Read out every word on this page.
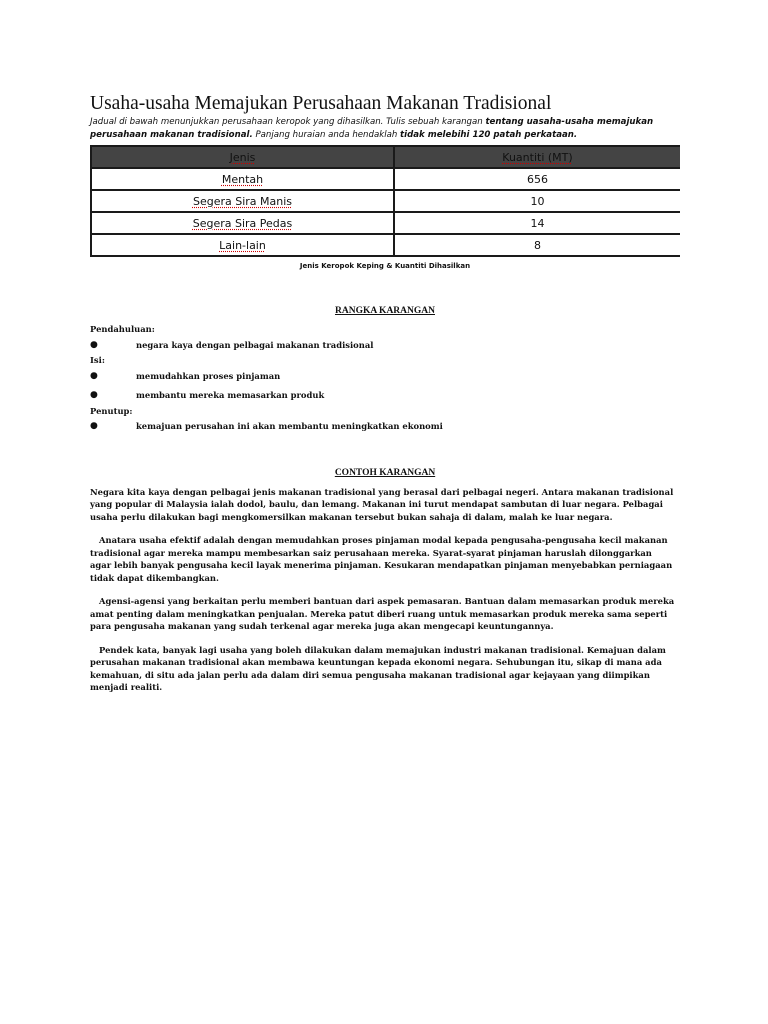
Usaha-usaha Memajukan Perusahaan Makanan Tradisional

Jadual di bawah menunjukkan perusahaan keropok yang dihasilkan. Tulis sebuah karangan tentang uasaha-usaha memajukan perusahaan makanan tradisional. Panjang huraian anda hendaklah tidak melebihi 120 patah perkataan.

Jenis	Kuantiti (MT)
Mentah	656
Segera Sira Manis	10
Segera Sira Pedas	14
Lain-lain	8
Jenis Keropok Keping & Kuantiti Dihasilkan
RANGKA KARANGAN
Pendahuluan:
●	negara kaya dengan pelbagai makanan tradisional
Isi:
●	memudahkan proses pinjaman
●	membantu mereka memasarkan produk
Penutup:
●	kemajuan perusahan ini akan membantu meningkatkan ekonomi
CONTOH KARANGAN

Negara kita kaya dengan pelbagai jenis makanan tradisional yang berasal dari pelbagai negeri. Antara makanan tradisional yang popular di Malaysia ialah dodol, baulu, dan lemang. Makanan ini turut mendapat sambutan di luar negara. Pelbagai usaha perlu dilakukan bagi mengkomersilkan makanan tersebut bukan sahaja di dalam, malah ke luar negara.

Anatara usaha efektif adalah dengan memudahkan proses pinjaman modal kepada pengusaha-pengusaha kecil makanan tradisional agar mereka mampu membesarkan saiz perusahaan mereka. Syarat-syarat pinjaman haruslah dilonggarkan agar lebih banyak pengusaha kecil layak menerima pinjaman. Kesukaran mendapatkan pinjaman menyebabkan perniagaan tidak dapat dikembangkan.

Agensi-agensi yang berkaitan perlu memberi bantuan dari aspek pemasaran. Bantuan dalam memasarkan produk mereka amat penting dalam meningkatkan penjualan. Mereka patut diberi ruang untuk memasarkan produk mereka sama seperti para pengusaha makanan yang sudah terkenal agar mereka juga akan mengecapi keuntungannya.

Pendek kata, banyak lagi usaha yang boleh dilakukan dalam memajukan industri makanan tradisional. Kemajuan dalam perusahan makanan tradisional akan membawa keuntungan kepada ekonomi negara. Sehubungan itu, sikap di mana ada kemahuan, di situ ada jalan perlu ada dalam diri semua pengusaha makanan tradisional agar kejayaan yang diimpikan menjadi realiti.
